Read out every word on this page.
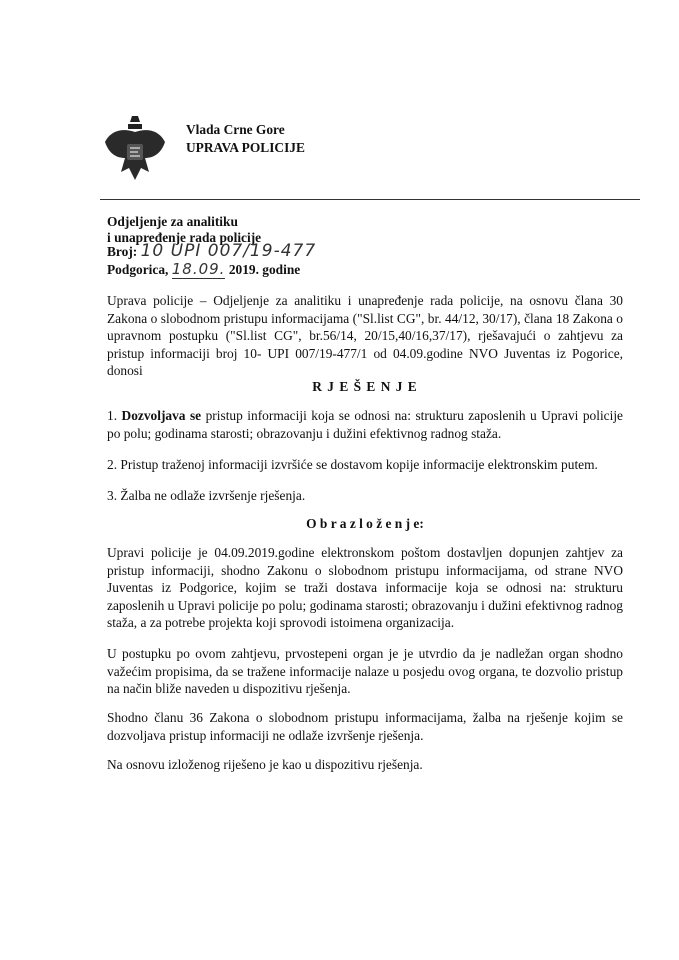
Vlada Crne Gore
UPRAVA POLICIJE
Odjeljenje za analitiku
i unapređenje rada policije
Broj: 10 UPI 007/19-477
Podgorica, 18.09. 2019. godine
Uprava policije – Odjeljenje za analitiku i unapređenje rada policije, na osnovu člana 30 Zakona o slobodnom pristupu informacijama ("Sl.list CG", br. 44/12, 30/17), člana 18 Zakona o upravnom postupku ("Sl.list CG", br.56/14, 20/15,40/16,37/17), rješavajući o zahtjevu za pristup informaciji broj 10- UPI 007/19-477/1 od 04.09.godine NVO Juventas iz Pogorice, donosi
R J E Š E N J E
1. Dozvoljava se pristup informaciji koja se odnosi na: strukturu zaposlenih u Upravi policije po polu; godinama starosti; obrazovanju i dužini efektivnog radnog staža.
2. Pristup traženoj informaciji izvršiće se dostavom kopije informacije elektronskim putem.
3. Žalba ne odlaže izvršenje rješenja.
O b r a z l o ž e n j e:
Upravi policije je 04.09.2019.godine elektronskom poštom dostavljen dopunjen zahtjev za pristup informaciji, shodno Zakonu o slobodnom pristupu informacijama, od strane NVO Juventas iz Podgorice, kojim se traži dostava informacije koja se odnosi na: strukturu zaposlenih u Upravi policije po polu; godinama starosti; obrazovanju i dužini efektivnog radnog staža, a za potrebe projekta koji sprovodi istoimena organizacija.
U postupku po ovom zahtjevu, prvostepeni organ je je utvrdio da je nadležan organ shodno važećim propisima, da se tražene informacije nalaze u posjedu ovog organa, te dozvolio pristup na način bliže naveden u dispozitivu rješenja.
Shodno članu 36 Zakona o slobodnom pristupu informacijama, žalba na rješenje kojim se dozvoljava pristup informaciji ne odlaže izvršenje rješenja.
Na osnovu izloženog riješeno je kao u dispozitivu rješenja.
